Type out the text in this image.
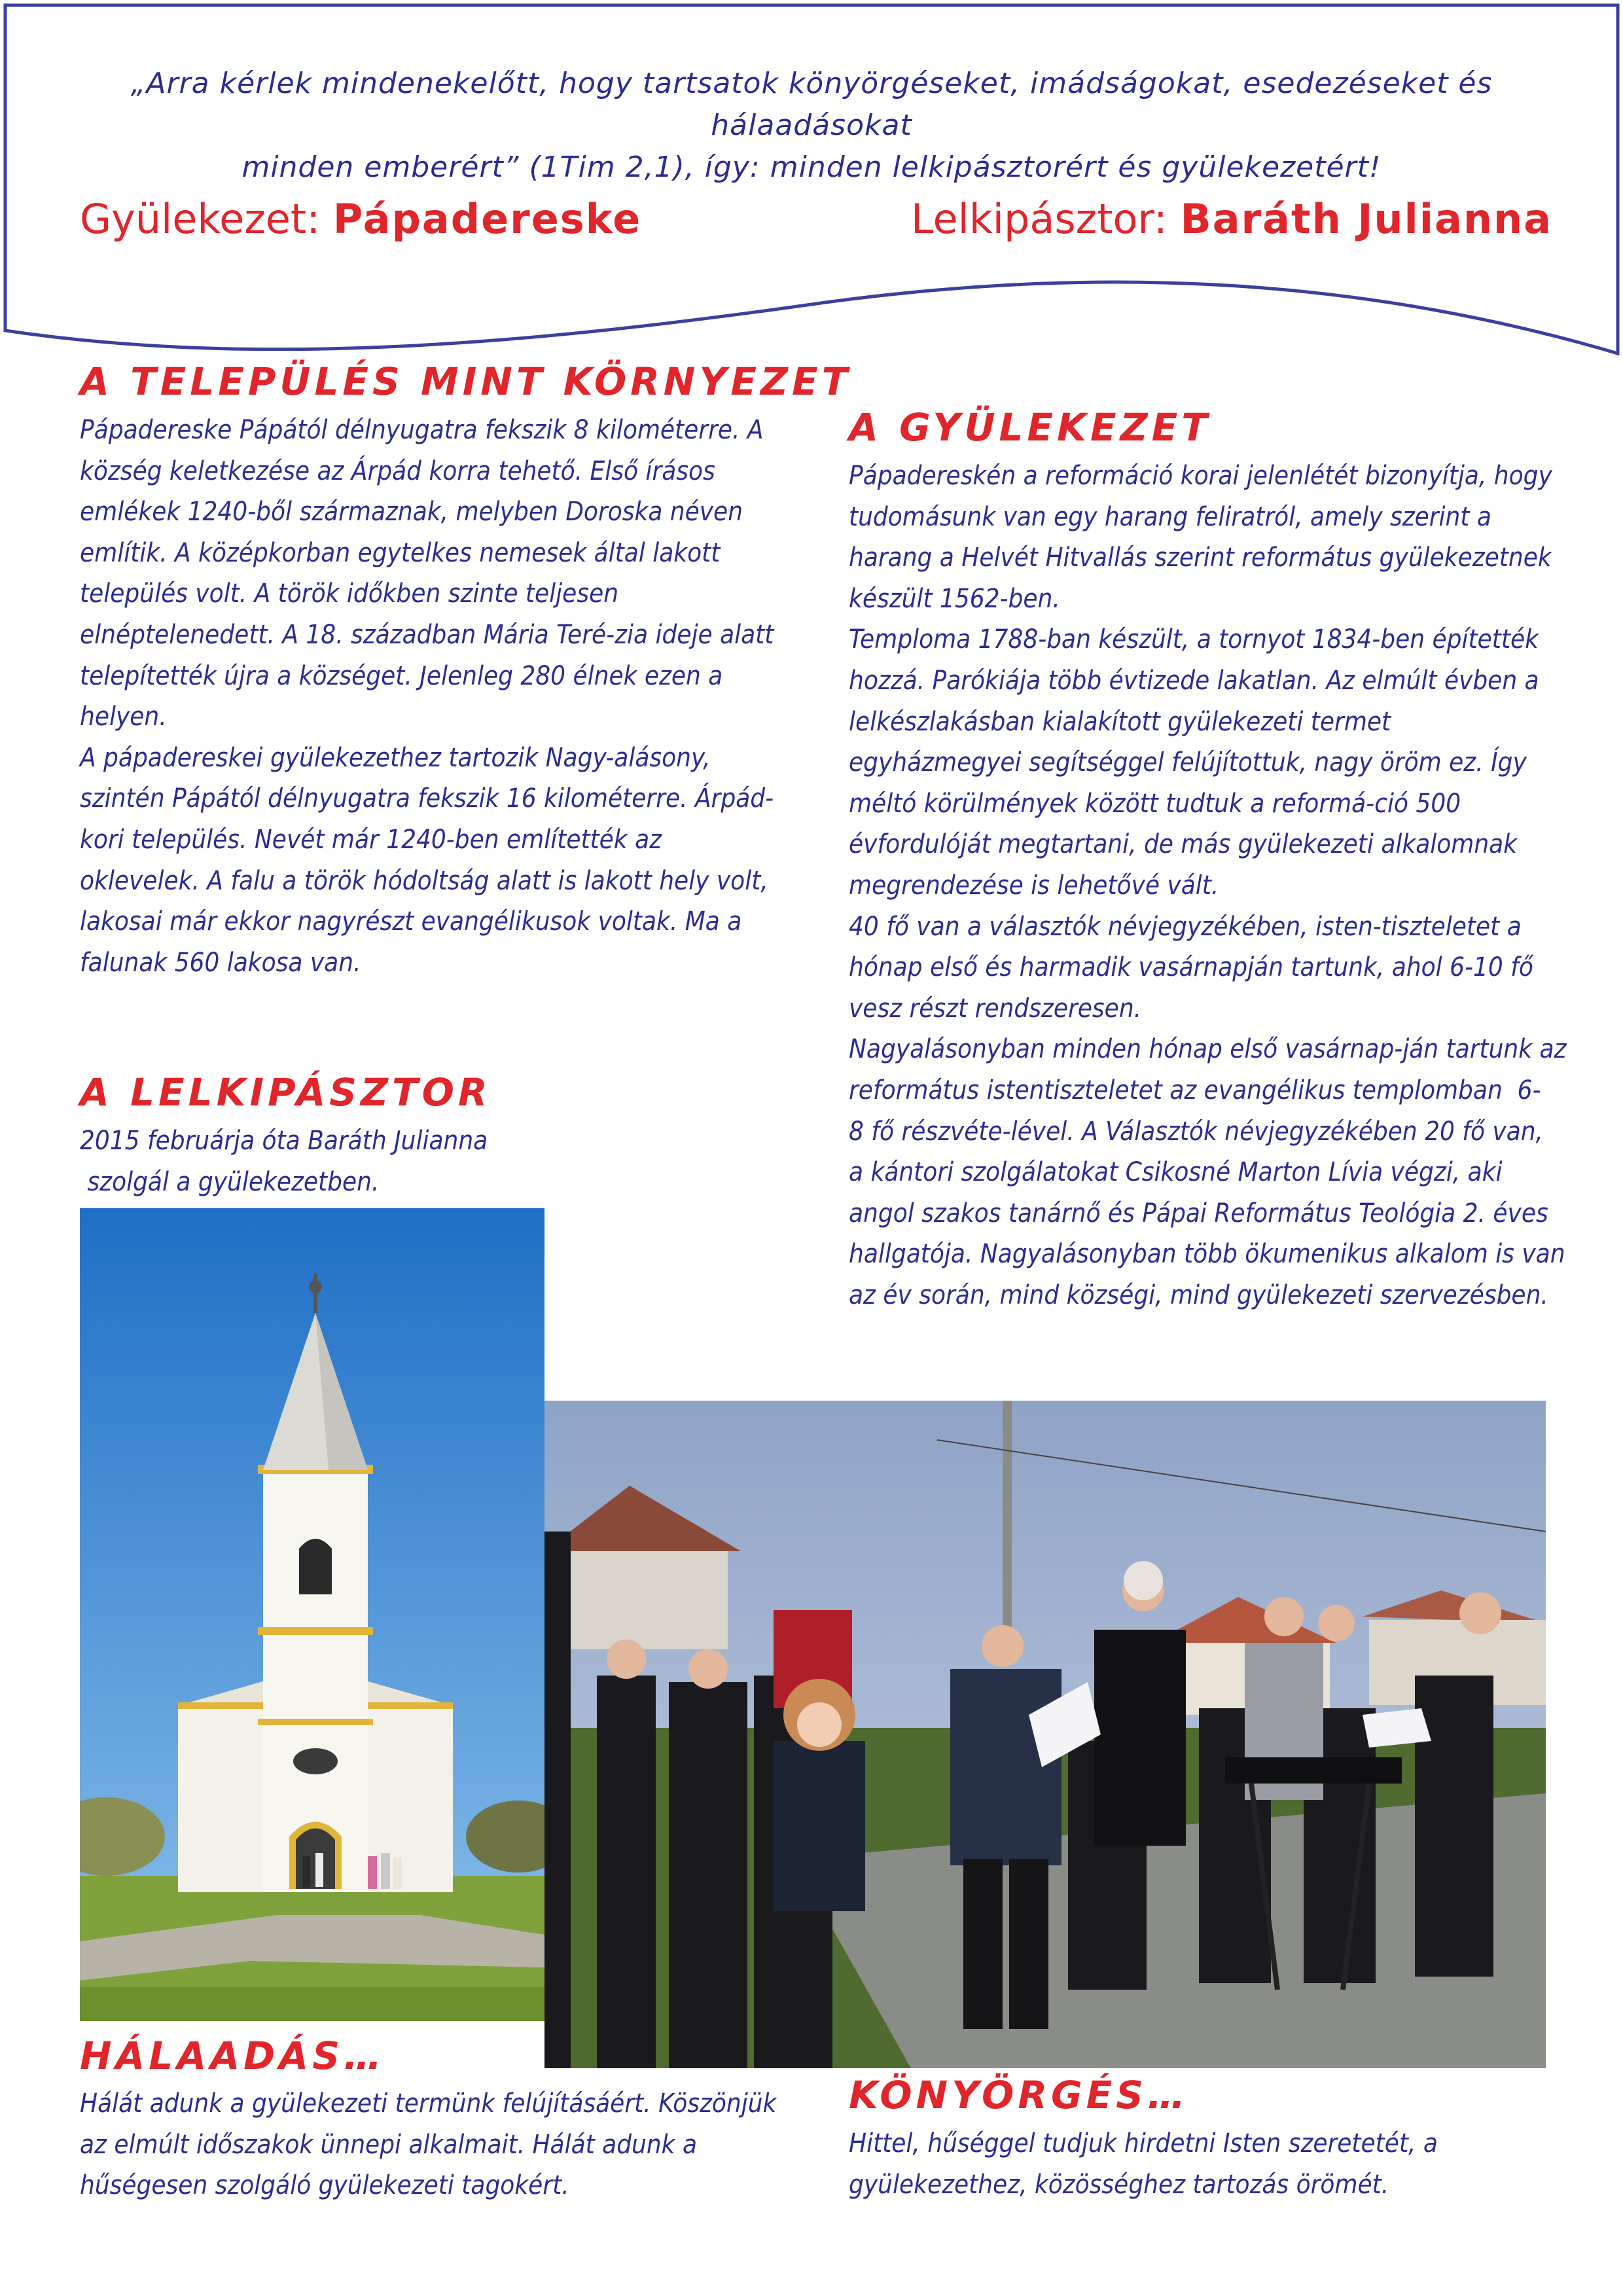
„Arra kérlek mindenekelőtt, hogy tartsatok könyörgéseket, imádságokat, esedezéseket és hálaadásokat
minden emberért” (1Tim 2,1), így: minden lelkipásztorért és gyülekezetért!
Gyülekezet: Pápadereske	Lelkipásztor: Baráth Julianna
A TELEPÜLÉS MINT KÖRNYEZET

Pápadereske Pápától délnyugatra fekszik 8 kilométerre. A

község keletkezése az Árpád korra tehető. Első írásos

emlékek 1240-ből származnak, melyben Doroska néven

említik. A középkorban egytelkes nemesek által lakott

település volt. A török időkben szinte teljesen

elnéptelenedett. A 18. században Mária Teré-zia ideje alatt

telepítették újra a községet. Jelenleg 280 élnek ezen a

helyen.

A pápadereskei gyülekezethez tartozik Nagy-alásony,

szintén Pápától délnyugatra fekszik 16 kilométerre. Árpád-

kori település. Nevét már 1240-ben említették az

oklevelek. A falu a török hódoltság alatt is lakott hely volt,

lakosai már ekkor nagyrészt evangélikusok voltak. Ma a

falunak 560 lakosa van.

A LELKIPÁSZTOR

2015 februárja óta Baráth Julianna

szolgál a gyülekezetben.

A GYÜLEKEZET

Pápadereskén a reformáció korai jelenlétét bizonyítja, hogy

tudomásunk van egy harang feliratról, amely szerint a

harang a Helvét Hitvallás szerint református gyülekezetnek

készült 1562-ben.

Temploma 1788-ban készült, a tornyot 1834-ben építették

hozzá. Parókiája több évtizede lakatlan. Az elmúlt évben a

lelkészlakásban kialakított gyülekezeti termet

egyházmegyei segítséggel felújítottuk, nagy öröm ez. Így

méltó körülmények között tudtuk a reformá-ció 500

évfordulóját megtartani, de más gyülekezeti alkalomnak

megrendezése is lehetővé vált.

40 fő van a választók névjegyzékében, isten-tiszteletet a

hónap első és harmadik vasárnapján tartunk, ahol 6-10 fő

vesz részt rendszeresen.

Nagyalásonyban minden hónap első vasárnap-ján tartunk az

református istentiszteletet az evangélikus templomban  6-

8 fő részvéte-lével. A Választók névjegyzékében 20 fő van,

a kántori szolgálatokat Csikosné Marton Lívia végzi, aki

angol szakos tanárnő és Pápai Református Teológia 2. éves

hallgatója. Nagyalásonyban több ökumenikus alkalom is van

az év során, mind községi, mind gyülekezeti szervezésben.

HÁLAADÁS…

Hálát adunk a gyülekezeti termünk felújításáért. Köszönjük

az elmúlt időszakok ünnepi alkalmait. Hálát adunk a

hűségesen szolgáló gyülekezeti tagokért.

KÖNYÖRGÉS…

Hittel, hűséggel tudjuk hirdetni Isten szeretetét, a

gyülekezethez, közösséghez tartozás örömét.
